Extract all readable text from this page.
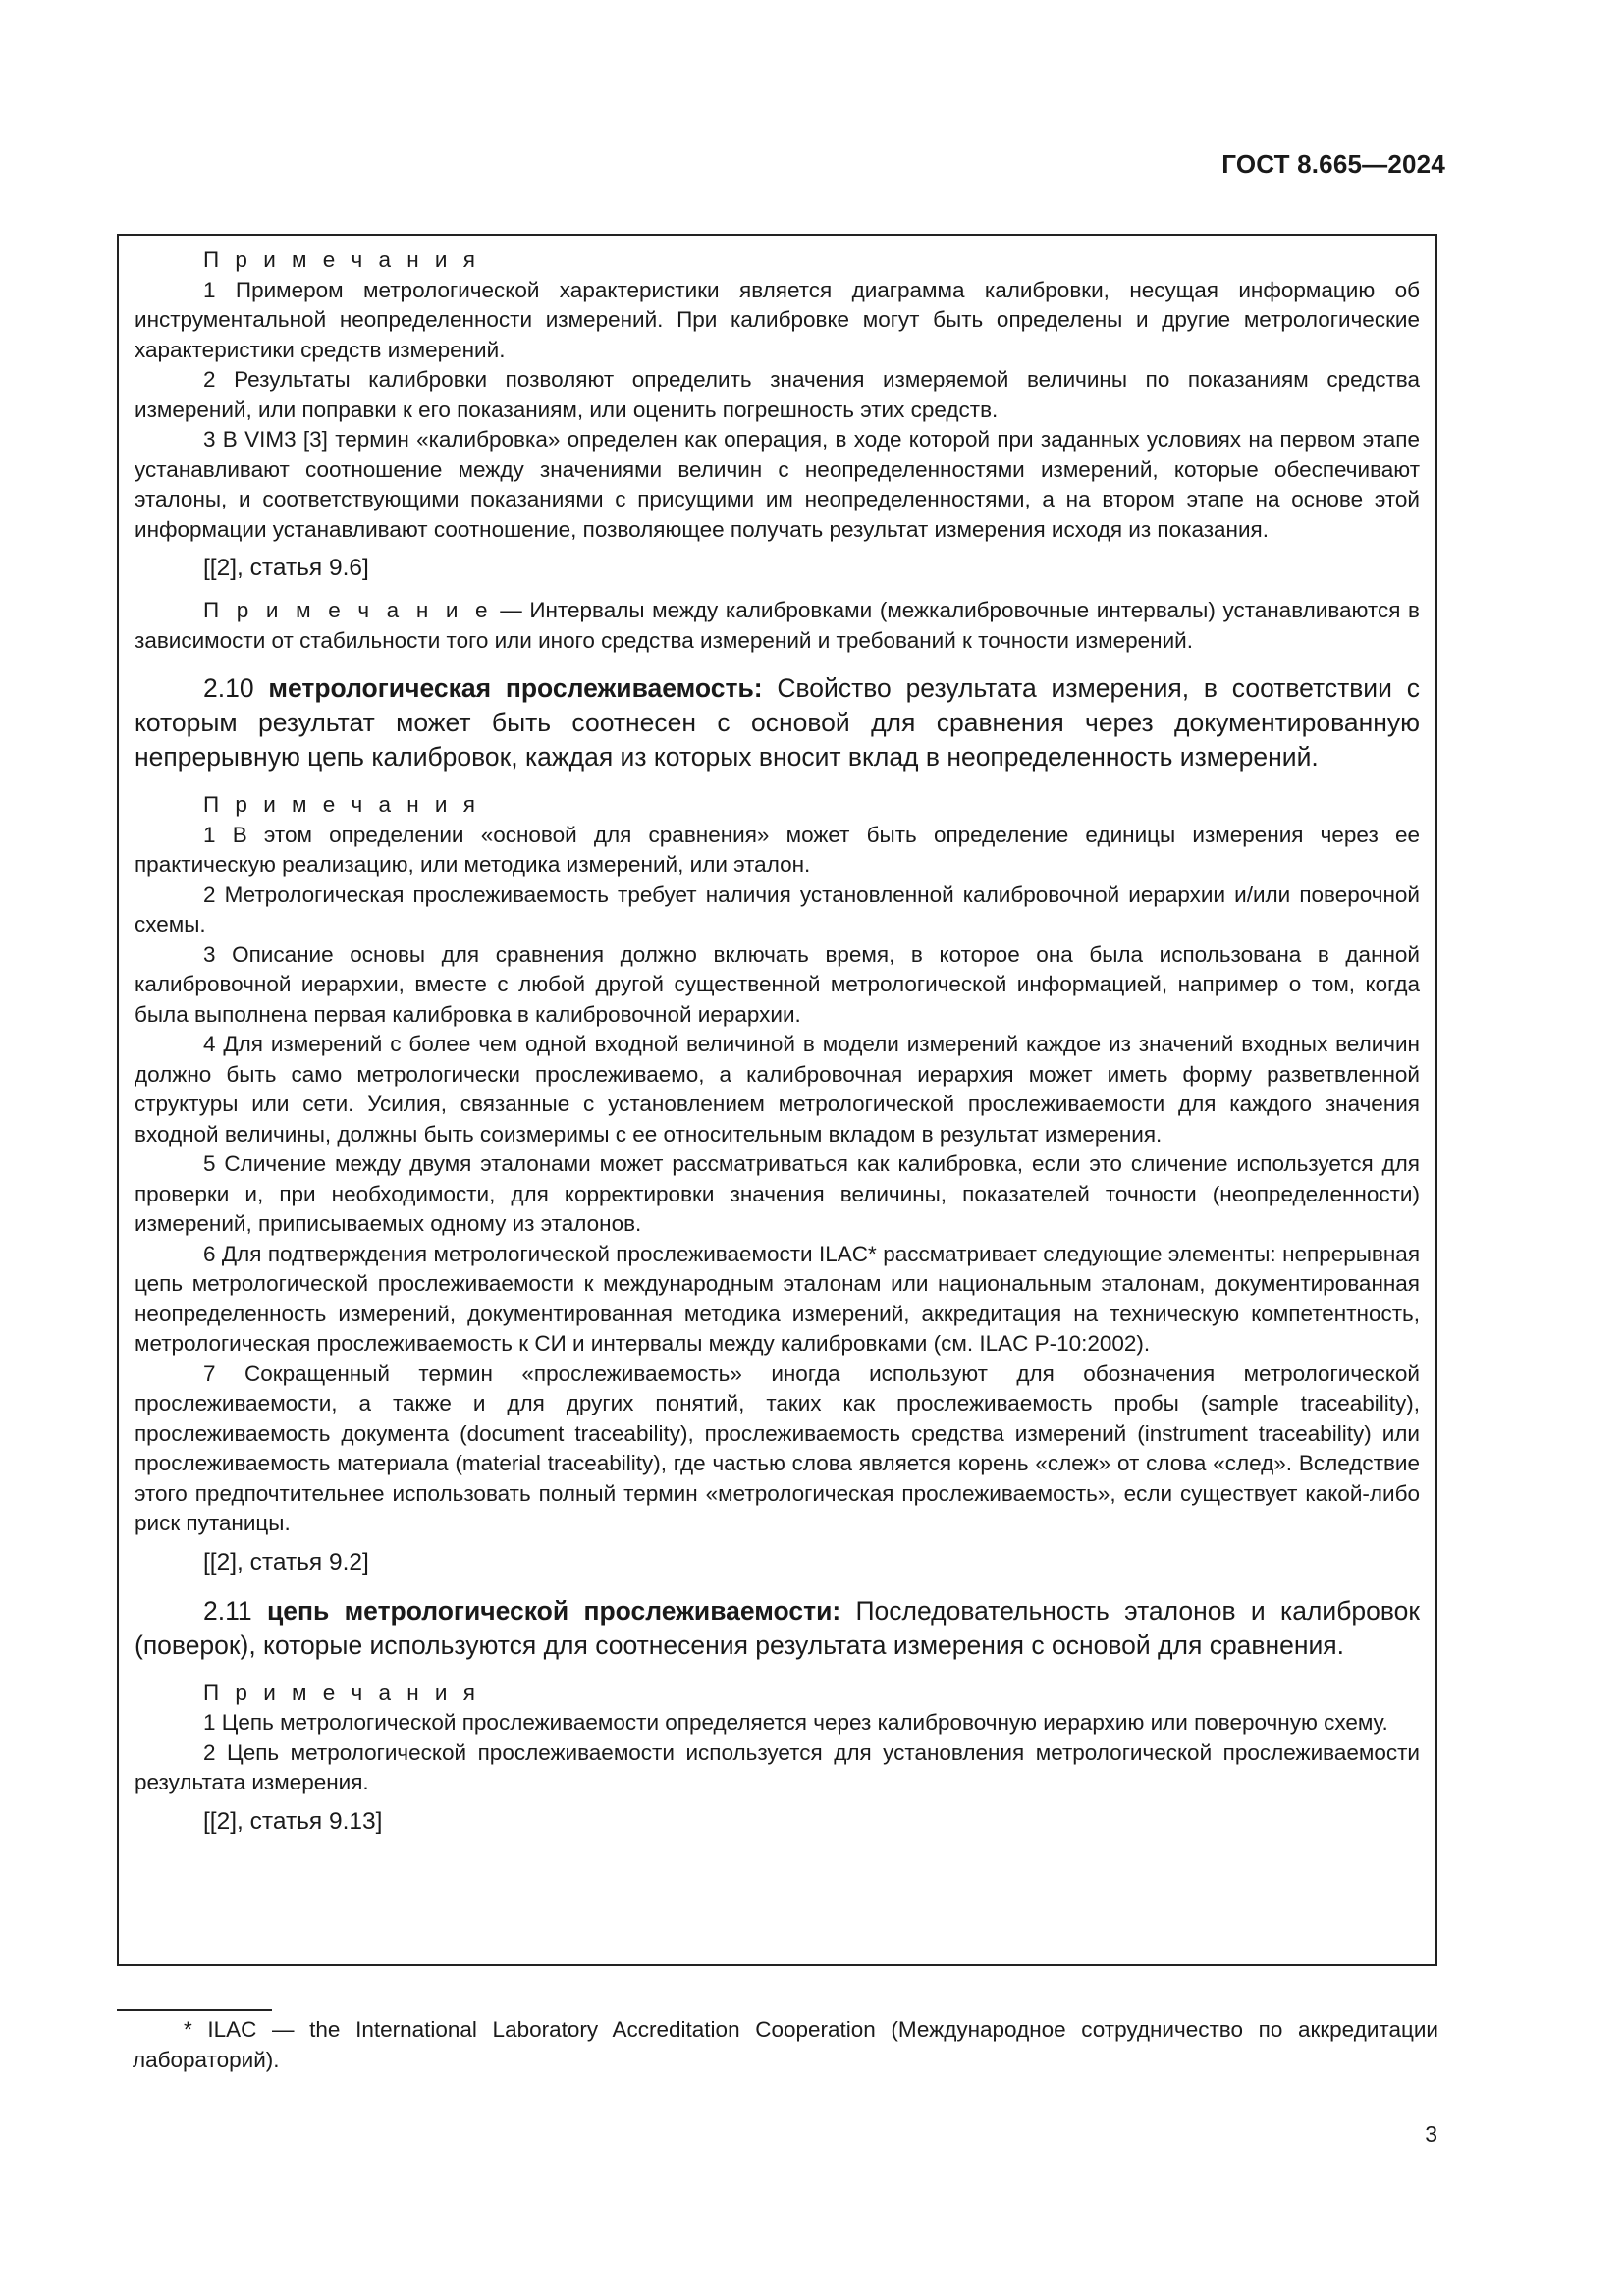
ГОСТ 8.665—2024

П р и м е ч а н и я

1 Примером метрологической характеристики является диаграмма калибровки, несущая информацию об инструментальной неопределенности измерений. При калибровке могут быть определены и другие метрологические характеристики средств измерений.

2 Результаты калибровки позволяют определить значения измеряемой величины по показаниям средства измерений, или поправки к его показаниям, или оценить погрешность этих средств.

3 В VIM3 [3] термин «калибровка» определен как операция, в ходе которой при заданных условиях на первом этапе устанавливают соотношение между значениями величин с неопределенностями измерений, которые обеспечивают эталоны, и соответствующими показаниями с присущими им неопределенностями, а на втором этапе на основе этой информации устанавливают соотношение, позволяющее получать результат измерения исходя из показания.

[[2], статья 9.6]

П р и м е ч а н и е — Интервалы между калибровками (межкалибровочные интервалы) устанавливаются в зависимости от стабильности того или иного средства измерений и требований к точности измерений.

2.10 метрологическая прослеживаемость: Свойство результата измерения, в соответствии с которым результат может быть соотнесен с основой для сравнения через документированную непрерывную цепь калибровок, каждая из которых вносит вклад в неопределенность измерений.

П р и м е ч а н и я

1 В этом определении «основой для сравнения» может быть определение единицы измерения через ее практическую реализацию, или методика измерений, или эталон.

2 Метрологическая прослеживаемость требует наличия установленной калибровочной иерархии и/или поверочной схемы.

3 Описание основы для сравнения должно включать время, в которое она была использована в данной калибровочной иерархии, вместе с любой другой существенной метрологической информацией, например о том, когда была выполнена первая калибровка в калибровочной иерархии.

4 Для измерений с более чем одной входной величиной в модели измерений каждое из значений входных величин должно быть само метрологически прослеживаемо, а калибровочная иерархия может иметь форму разветвленной структуры или сети. Усилия, связанные с установлением метрологической прослеживаемости для каждого значения входной величины, должны быть соизмеримы с ее относительным вкладом в результат измерения.

5 Сличение между двумя эталонами может рассматриваться как калибровка, если это сличение используется для проверки и, при необходимости, для корректировки значения величины, показателей точности (неопределенности) измерений, приписываемых одному из эталонов.

6 Для подтверждения метрологической прослеживаемости ILAC* рассматривает следующие элементы: непрерывная цепь метрологической прослеживаемости к международным эталонам или национальным эталонам, документированная неопределенность измерений, документированная методика измерений, аккредитация на техническую компетентность, метрологическая прослеживаемость к СИ и интервалы между калибровками (см. ILAC P-10:2002).

7 Сокращенный термин «прослеживаемость» иногда используют для обозначения метрологической прослеживаемости, а также и для других понятий, таких как прослеживаемость пробы (sample traceability), прослеживаемость документа (document traceability), прослеживаемость средства измерений (instrument traceability) или прослеживаемость материала (material traceability), где частью слова является корень «слеж» от слова «след». Вследствие этого предпочтительнее использовать полный термин «метрологическая прослеживаемость», если существует какой-либо риск путаницы.

[[2], статья 9.2]

2.11 цепь метрологической прослеживаемости: Последовательность эталонов и калибровок (поверок), которые используются для соотнесения результата измерения с основой для сравнения.

П р и м е ч а н и я

1 Цепь метрологической прослеживаемости определяется через калибровочную иерархию или поверочную схему.

2 Цепь метрологической прослеживаемости используется для установления метрологической прослеживаемости результата измерения.

[[2], статья 9.13]

* ILAC — the International Laboratory Accreditation Cooperation (Международное сотрудничество по аккредитации лабораторий).

3
